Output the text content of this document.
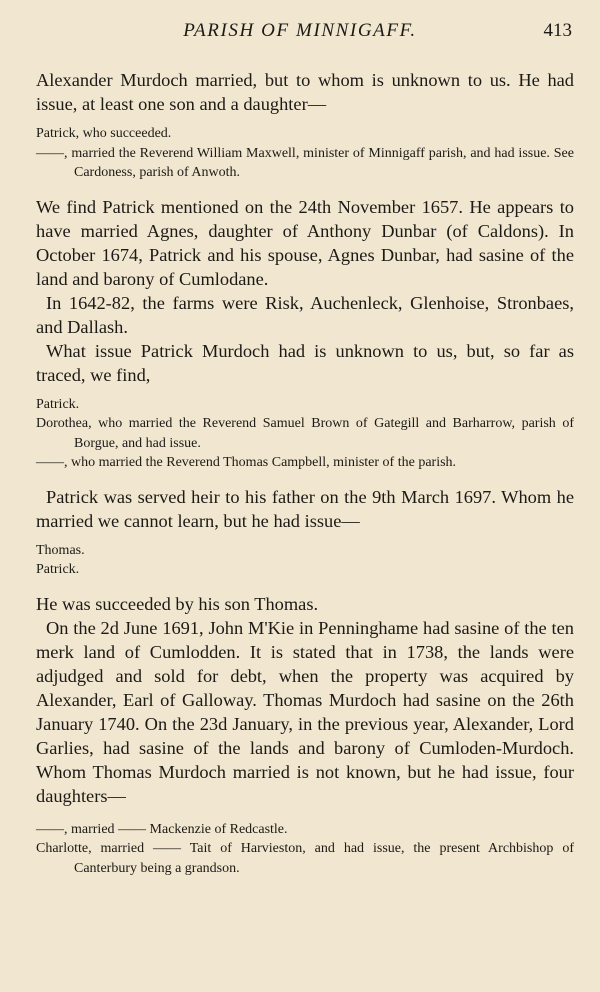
PARISH OF MINNIGAFF.	413

Alexander Murdoch married, but to whom is unknown to us. He had issue, at least one son and a daughter—

Patrick, who succeeded.
——, married the Reverend William Maxwell, minister of Minnigaff parish, and had issue. See Cardoness, parish of Anwoth.

We find Patrick mentioned on the 24th November 1657. He appears to have married Agnes, daughter of Anthony Dunbar (of Caldons). In October 1674, Patrick and his spouse, Agnes Dunbar, had sasine of the land and barony of Cumlodane.

In 1642-82, the farms were Risk, Auchenleck, Glenhoise, Stronbaes, and Dallash.

What issue Patrick Murdoch had is unknown to us, but, so far as traced, we find,

Patrick.
Dorothea, who married the Reverend Samuel Brown of Gategill and Barharrow, parish of Borgue, and had issue.
——, who married the Reverend Thomas Campbell, minister of the parish.

Patrick was served heir to his father on the 9th March 1697. Whom he married we cannot learn, but he had issue—

Thomas.
Patrick.

He was succeeded by his son Thomas.

On the 2d June 1691, John M'Kie in Penninghame had sasine of the ten merk land of Cumlodden. It is stated that in 1738, the lands were adjudged and sold for debt, when the property was acquired by Alexander, Earl of Galloway. Thomas Murdoch had sasine on the 26th January 1740. On the 23d January, in the previous year, Alexander, Lord Garlies, had sasine of the lands and barony of Cumloden-Murdoch. Whom Thomas Murdoch married is not known, but he had issue, four daughters—

——, married —— Mackenzie of Redcastle.
Charlotte, married —— Tait of Harvieston, and had issue, the present Archbishop of Canterbury being a grandson.
